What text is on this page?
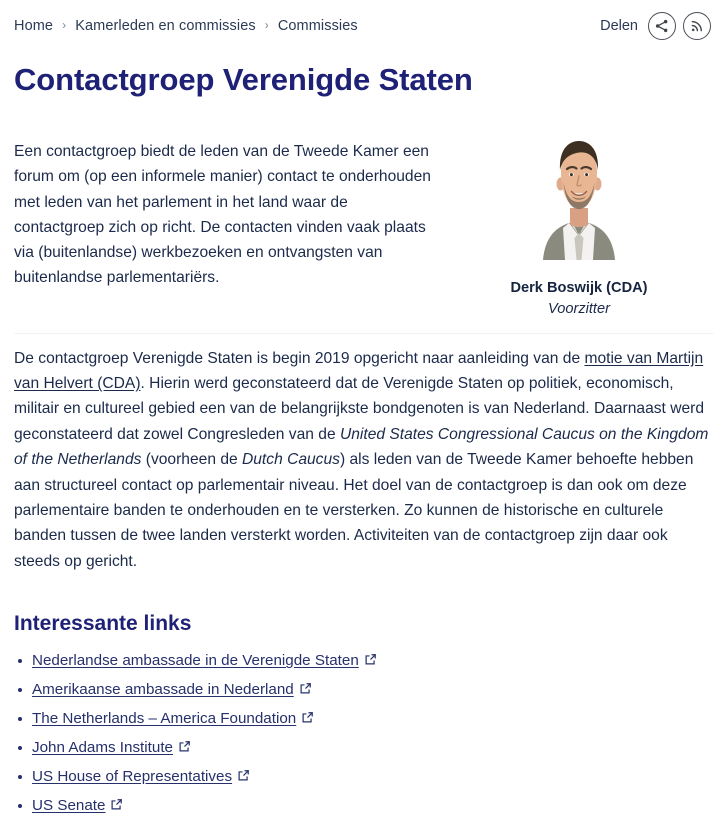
Home › Kamerleden en commissies › Commissies	Delen
Contactgroep Verenigde Staten

Een contactgroep biedt de leden van de Tweede Kamer een forum om (op een informele manier) contact te onderhouden met leden van het parlement in het land waar de contactgroep zich op richt. De contacten vinden vaak plaats via (buitenlandse) werkbezoeken en ontvangsten van buitenlandse parlementariërs.

Derk Boswijk (CDA)
Voorzitter

De contactgroep Verenigde Staten is begin 2019 opgericht naar aanleiding van de motie van Martijn van Helvert (CDA). Hierin werd geconstateerd dat de Verenigde Staten op politiek, economisch, militair en cultureel gebied een van de belangrijkste bondgenoten is van Nederland. Daarnaast werd geconstateerd dat zowel Congresleden van de United States Congressional Caucus on the Kingdom of the Netherlands (voorheen de Dutch Caucus) als leden van de Tweede Kamer behoefte hebben aan structureel contact op parlementair niveau. Het doel van de contactgroep is dan ook om deze parlementaire banden te onderhouden en te versterken. Zo kunnen de historische en culturele banden tussen de twee landen versterkt worden. Activiteiten van de contactgroep zijn daar ook steeds op gericht.

Interessante links
Nederlandse ambassade in de Verenigde Staten
Amerikaanse ambassade in Nederland
The Netherlands – America Foundation
John Adams Institute
US House of Representatives
US Senate
